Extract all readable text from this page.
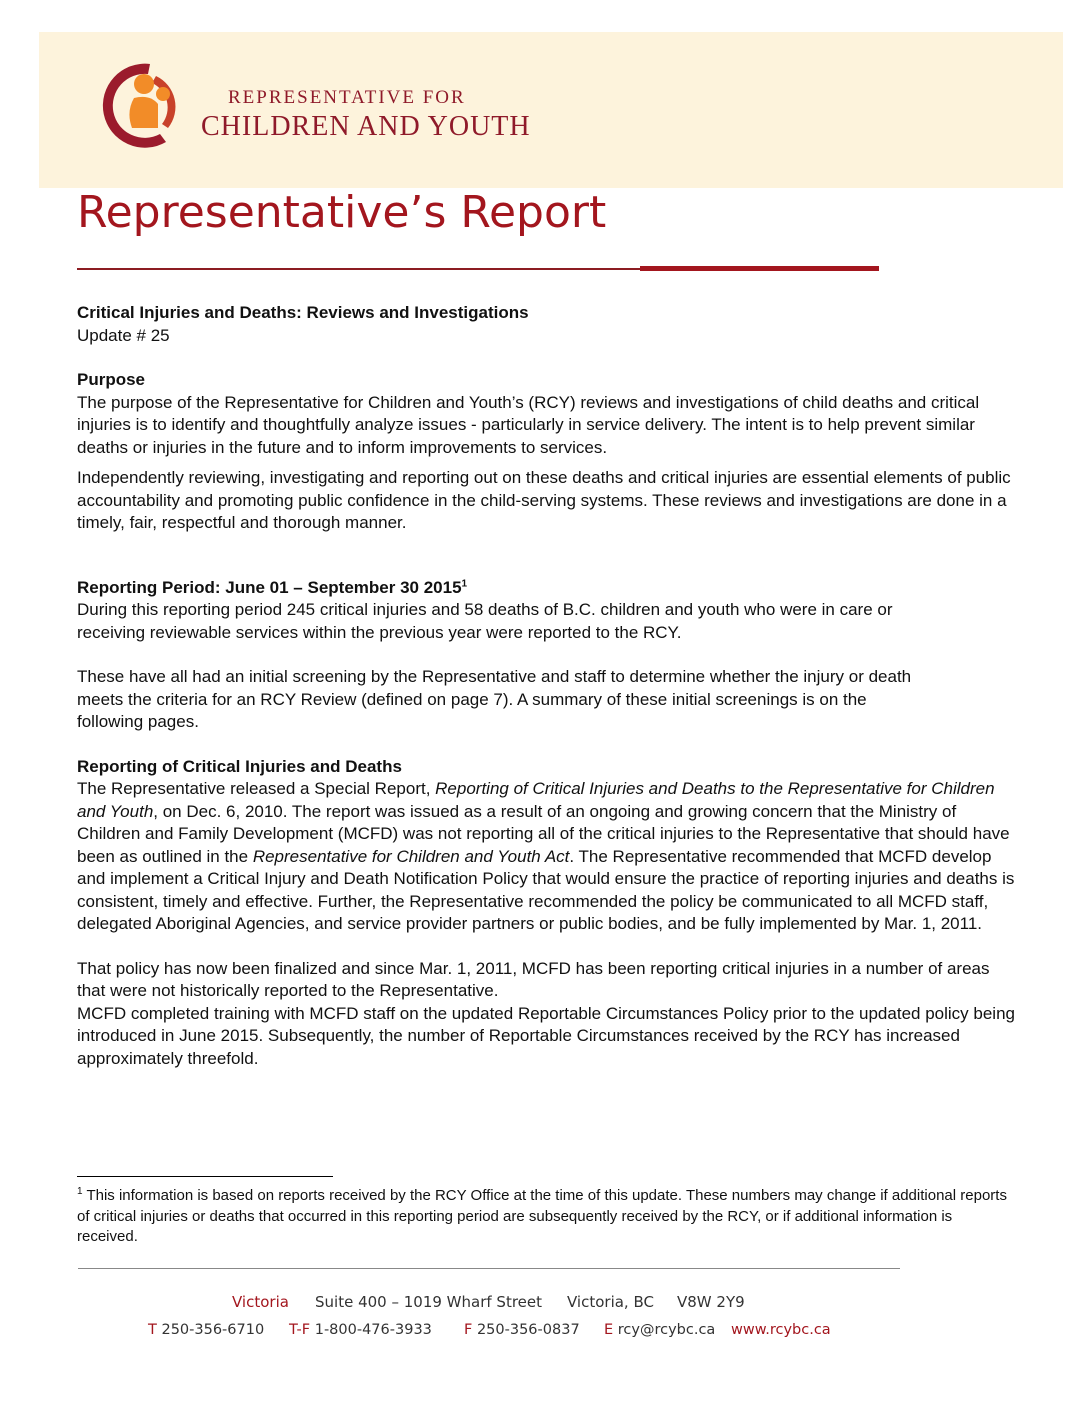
REPRESENTATIVE FOR
CHILDREN AND YOUTH
Representative’s Report

Critical Injuries and Deaths: Reviews and Investigations

Update # 25

Purpose

The purpose of the Representative for Children and Youth’s (RCY) reviews and investigations of child deaths and critical injuries is to identify and thoughtfully analyze issues - particularly in service delivery. The intent is to help prevent similar deaths or injuries in the future and to inform improvements to services.

Independently reviewing, investigating and reporting out on these deaths and critical injuries are essential elements of public accountability and promoting public confidence in the child-serving systems. These reviews and investigations are done in a timely, fair, respectful and thorough manner.

Reporting Period: June 01 – September 30 2015$^1$

During this reporting period 245 critical injuries and 58 deaths of B.C. children and youth who were in care or receiving reviewable services within the previous year were reported to the RCY.

These have all had an initial screening by the Representative and staff to determine whether the injury or death meets the criteria for an RCY Review (defined on page 7). A summary of these initial screenings is on the following pages.

Reporting of Critical Injuries and Deaths

The Representative released a Special Report, Reporting of Critical Injuries and Deaths to the Representative for Children and Youth, on Dec. 6, 2010. The report was issued as a result of an ongoing and growing concern that the Ministry of Children and Family Development (MCFD) was not reporting all of the critical injuries to the Representative that should have been as outlined in the Representative for Children and Youth Act. The Representative recommended that MCFD develop and implement a Critical Injury and Death Notification Policy that would ensure the practice of reporting injuries and deaths is consistent, timely and effective. Further, the Representative recommended the policy be communicated to all MCFD staff, delegated Aboriginal Agencies, and service provider partners or public bodies, and be fully implemented by Mar. 1, 2011.

That policy has now been finalized and since Mar. 1, 2011, MCFD has been reporting critical injuries in a number of areas that were not historically reported to the Representative.

MCFD completed training with MCFD staff on the updated Reportable Circumstances Policy prior to the updated policy being introduced in June 2015. Subsequently, the number of Reportable Circumstances received by the RCY has increased approximately threefold.

$^1$ This information is based on reports received by the RCY Office at the time of this update. These numbers may change if additional reports of critical injuries or deaths that occurred in this reporting period are subsequently received by the RCY, or if additional information is received.

Victoria Suite 400 – 1019 Wharf Street Victoria, BC V8W 2Y9
T 250-356-6710 T-F 1-800-476-3933 F 250-356-0837 E rcy@rcybc.ca www.rcybc.ca
